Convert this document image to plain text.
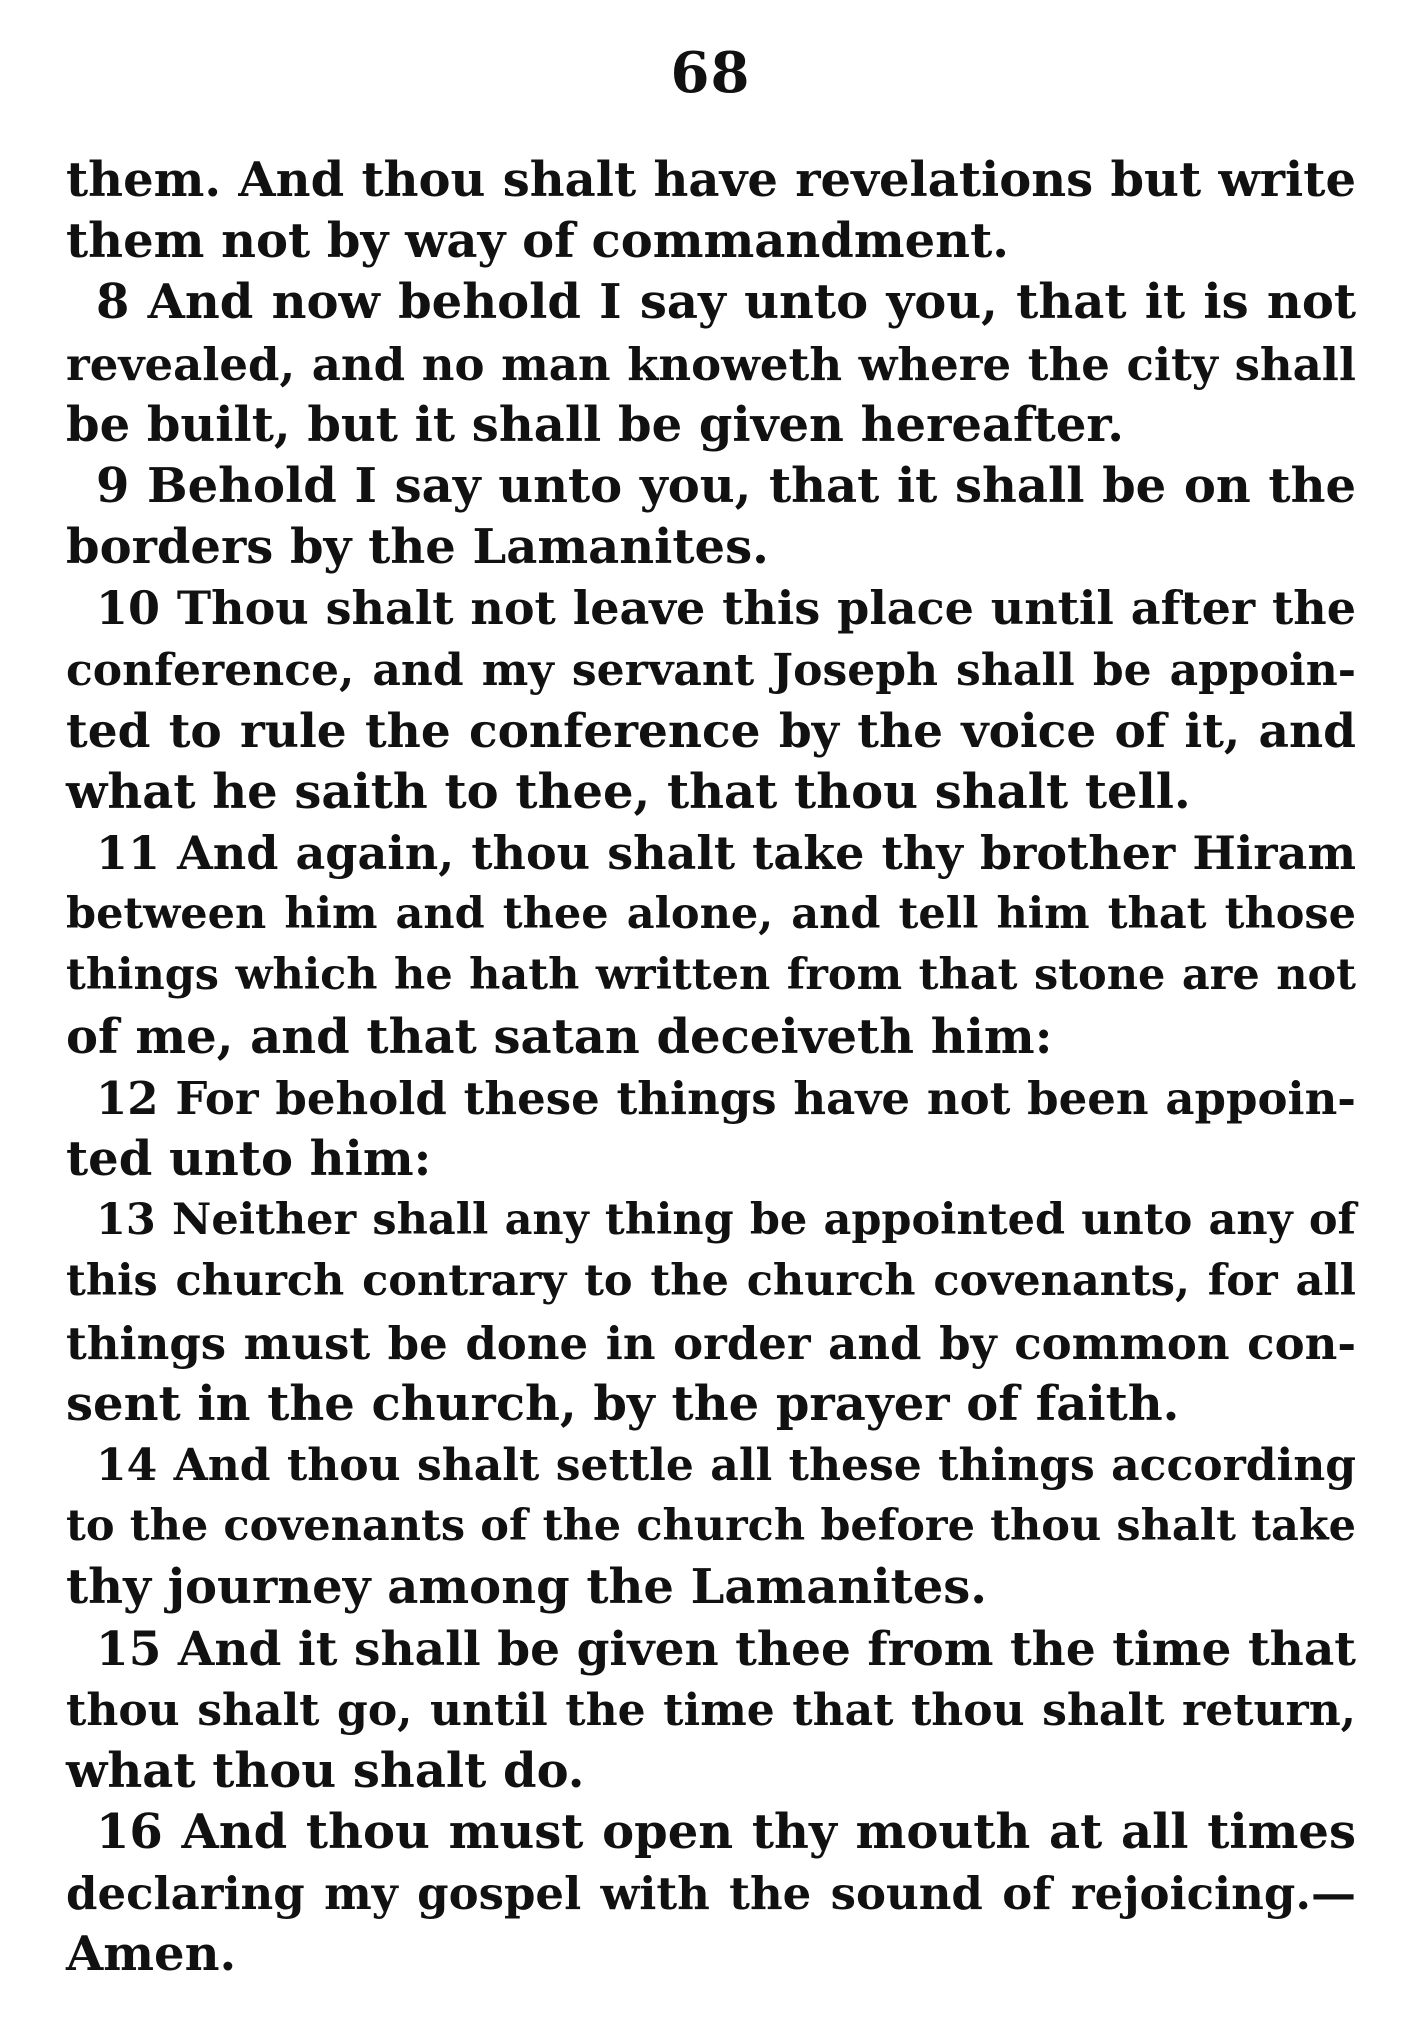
68
them. And thou shalt have revelations but write
them not by way of commandment.
8 And now behold I say unto you, that it is not
revealed, and no man knoweth where the city shall
be built, but it shall be given hereafter.
9 Behold I say unto you, that it shall be on the
borders by the Lamanites.
10 Thou shalt not leave this place until after the
conference, and my servant Joseph shall be appoin-
ted to rule the conference by the voice of it, and
what he saith to thee, that thou shalt tell.
11 And again, thou shalt take thy brother Hiram
between him and thee alone, and tell him that those
things which he hath written from that stone are not
of me, and that satan deceiveth him:
12 For behold these things have not been appoin-
ted unto him:
13 Neither shall any thing be appointed unto any of
this church contrary to the church covenants, for all
things must be done in order and by common con-
sent in the church, by the prayer of faith.
14 And thou shalt settle all these things according
to the covenants of the church before thou shalt take
thy journey among the Lamanites.
15 And it shall be given thee from the time that
thou shalt go, until the time that thou shalt return,
what thou shalt do.
16 And thou must open thy mouth at all times
declaring my gospel with the sound of rejoicing.—
Amen.
